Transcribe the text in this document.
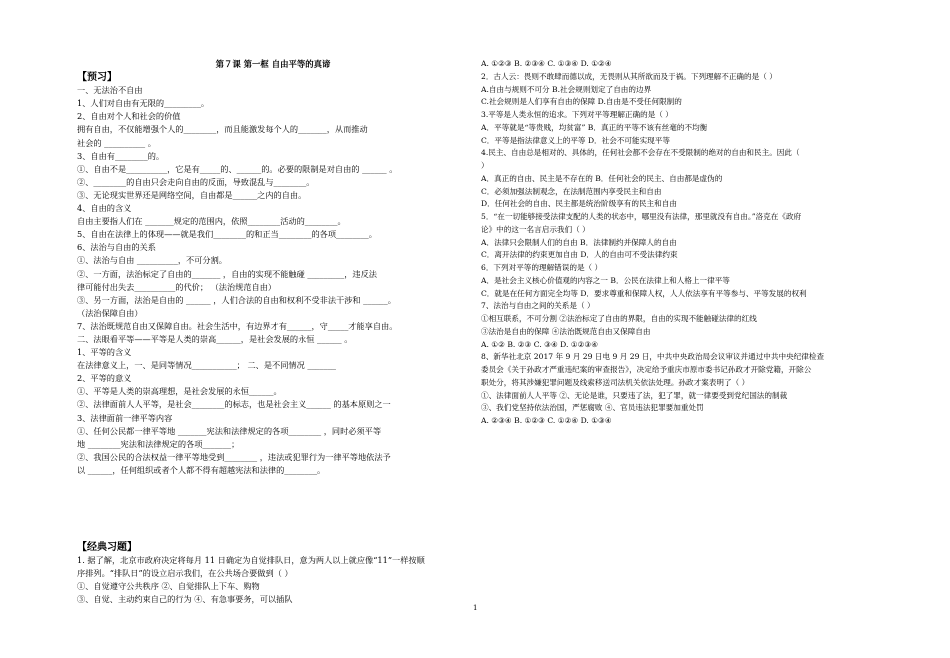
第７课 第一框 自由平等的真谛
【预习】
一、无法治不自由
1、人们对自由有无限的_________。
2、自由对个人和社会的价值
拥有自由，不仅能增强个人的________，而且能激发每个人的_______，从而推动
社会的 __________ 。
3、自由有________的。
①、自由不是__________，它是有_____的、______的。必要的限制是对自由的 ______ 。
②、________的自由只会走向自由的反面，导致混乱与________。
③、无论现实世界还是网络空间，自由都是______之内的自由。
4、自由的含义
自由主要指人们在 _______规定的范围内，依照________活动的________。
5、自由在法律上的体现——就是我们________的和正当________的各项________。
6、法治与自由的关系
①、法治与自由 __________，不可分割。
②、一方面，法治标定了自由的_______ ，自由的实现不能触碰 _________，违反法
律可能付出失去__________的代价； （法治规范自由）
③、另一方面，法治是自由的 ______ ，人们合法的自由和权利不受非法干涉和 ______。
（法治保障自由）
7、法治既规范自由又保障自由。社会生活中，有边界才有______，守_____才能享自由。
二、法眼看平等——平等是人类的崇高______，是社会发展的永恒 ______ 。
1、平等的含义
在法律意义上，一、是同等情况___________； 二、是不同情况 _______
2、平等的意义
①、平等是人类的崇高理想，是社会发展的永恒______。
②、法律面前人人平等，是社会________的标志，也是社会主义______ 的基本原则之一
3、法律面前一律平等内容
①、任何公民都一律平等地 _______宪法和法律规定的各项________ ，同时必须平等
地 ________宪法和法律规定的各项_______；
②、我国公民的合法权益一律平等地受到________ ，违法或犯罪行为一律平等地依法予
以 ______，任何组织或者个人都不得有超越宪法和法律的________。
【经典习题】
1. 据了解，北京市政府决定将每月 11 日确定为自觉排队日，意为两人以上就应像“11”一样按顺
序排列。“排队日”的设立启示我们，在公共场合要做到（ ）
①、自觉遵守公共秩序 ②、自觉排队上下车、购物
③、自觉、主动约束自己的行为 ④、有急事要务，可以插队
A. ①②③ B. ②③④ C. ①③④ D. ①②④
2．古人云：畏则不敢肆而德以成，无畏则从其所欲而及于祸。下列理解不正确的是（ ）
A.自由与规则不可分 B.社会规则划定了自由的边界
C.社会规则是人们享有自由的保障 D.自由是不受任何限制的
3.平等是人类永恒的追求。下列对平等理解正确的是（ ）
A．平等就是“等贵贱，均贫富” B．真正的平等不该有丝毫的不均衡
C．平等是指法律意义上的平等 D．社会不可能实现平等
4.民主、自由总是相对的、具体的，任何社会都不会存在不受限制的绝对的自由和民主。因此（
）
A．真正的自由、民主是不存在的 B．任何社会的民主、自由都是虚伪的
C．必须加强法制观念，在法制范围内享受民主和自由
D．任何社会的自由、民主都是统治阶级享有的民主和自由
5．“在一切能够接受法律支配的人类的状态中，哪里没有法律，那里就没有自由。”洛克在《政府
论》中的这一名言启示我们（ ）
A．法律只会限制人们的自由 B．法律制约并保障人的自由
C．离开法律的约束更加自由 D．人的自由可不受法律约束
6．下列对平等的理解错误的是（ ）
A．是社会主义核心价值观的内容之一 B．公民在法律上和人格上一律平等
C．就是在任何方面完全均等 D．要求尊重和保障人权，人人依法享有平等参与、平等发展的权利
7、法治与自由之间的关系是（ ）
①相互联系，不可分割 ②法治标定了自由的界限，自由的实现不能触碰法律的红线
③法治是自由的保障 ④法治既规范自由又保障自由
A. ①② B. ②③ C. ③④ D. ①②③④
8、新华社北京 2017 年 9 月 29 日电 9 月 29 日，中共中央政治局会议审议并通过中共中央纪律检查
委员会《关于孙政才严重违纪案的审查报告》，决定给予重庆市原市委书记孙政才开除党籍，开除公
职处分，将其涉嫌犯罪问题及线索移送司法机关依法处理。孙政才案表明了（ ）
①、法律面前人人平等 ②、无论是谁，只要违了法，犯了罪，就一律要受到党纪国法的制裁
③、我们党坚持依法治国，严惩腐败 ④、官员违法犯罪要加重处罚
A. ②③④ B. ①②③ C. ①②④ D. ①③④
1
